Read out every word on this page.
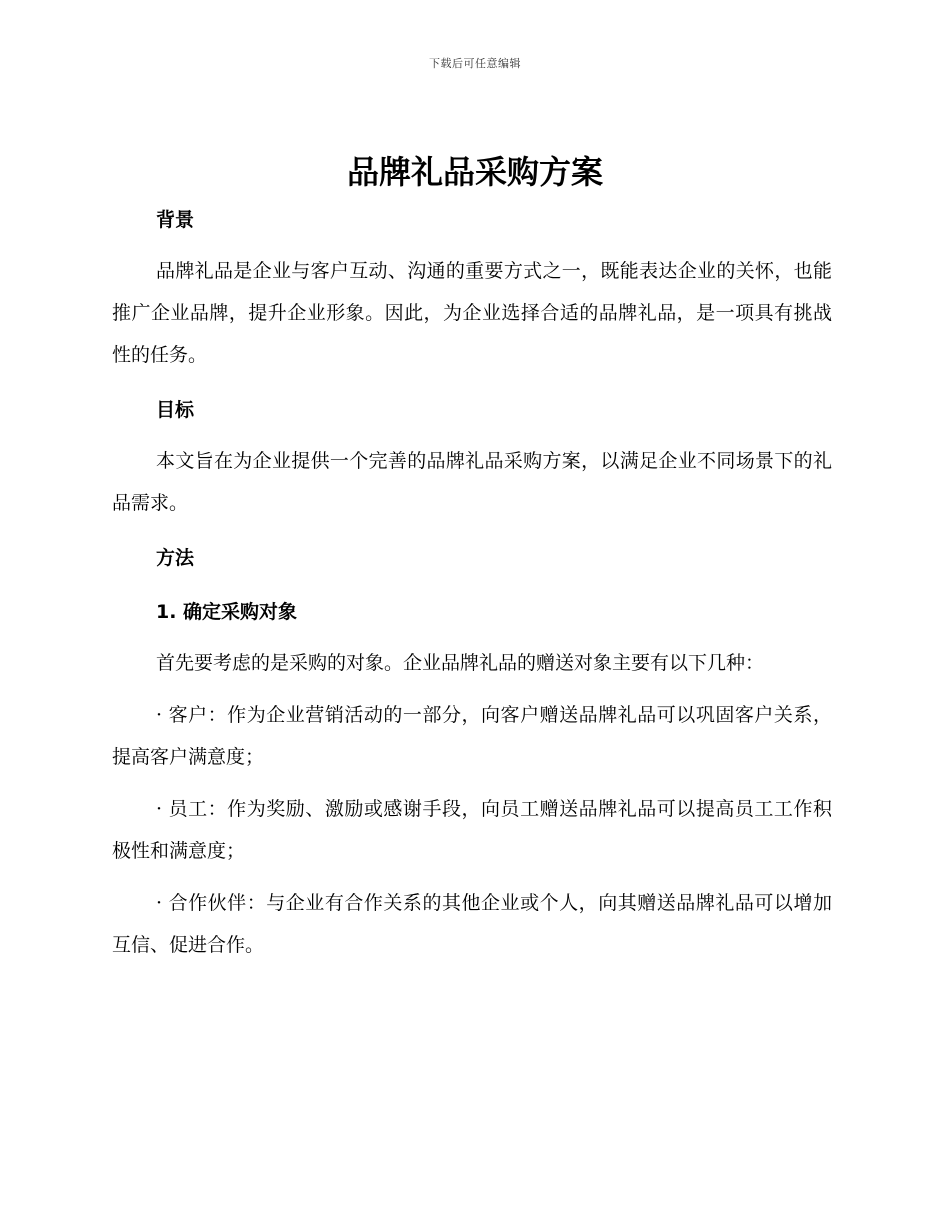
下载后可任意编辑
品牌礼品采购方案
背景

品牌礼品是企业与客户互动、沟通的重要方式之一，既能表达企业的关怀，也能推广企业品牌，提升企业形象。因此，为企业选择合适的品牌礼品，是一项具有挑战性的任务。

目标

本文旨在为企业提供一个完善的品牌礼品采购方案，以满足企业不同场景下的礼品需求。

方法
1. 确定采购对象

首先要考虑的是采购的对象。企业品牌礼品的赠送对象主要有以下几种：

· 客户：作为企业营销活动的一部分，向客户赠送品牌礼品可以巩固客户关系，提高客户满意度；

· 员工：作为奖励、激励或感谢手段，向员工赠送品牌礼品可以提高员工工作积极性和满意度；

· 合作伙伴：与企业有合作关系的其他企业或个人，向其赠送品牌礼品可以增加互信、促进合作。
